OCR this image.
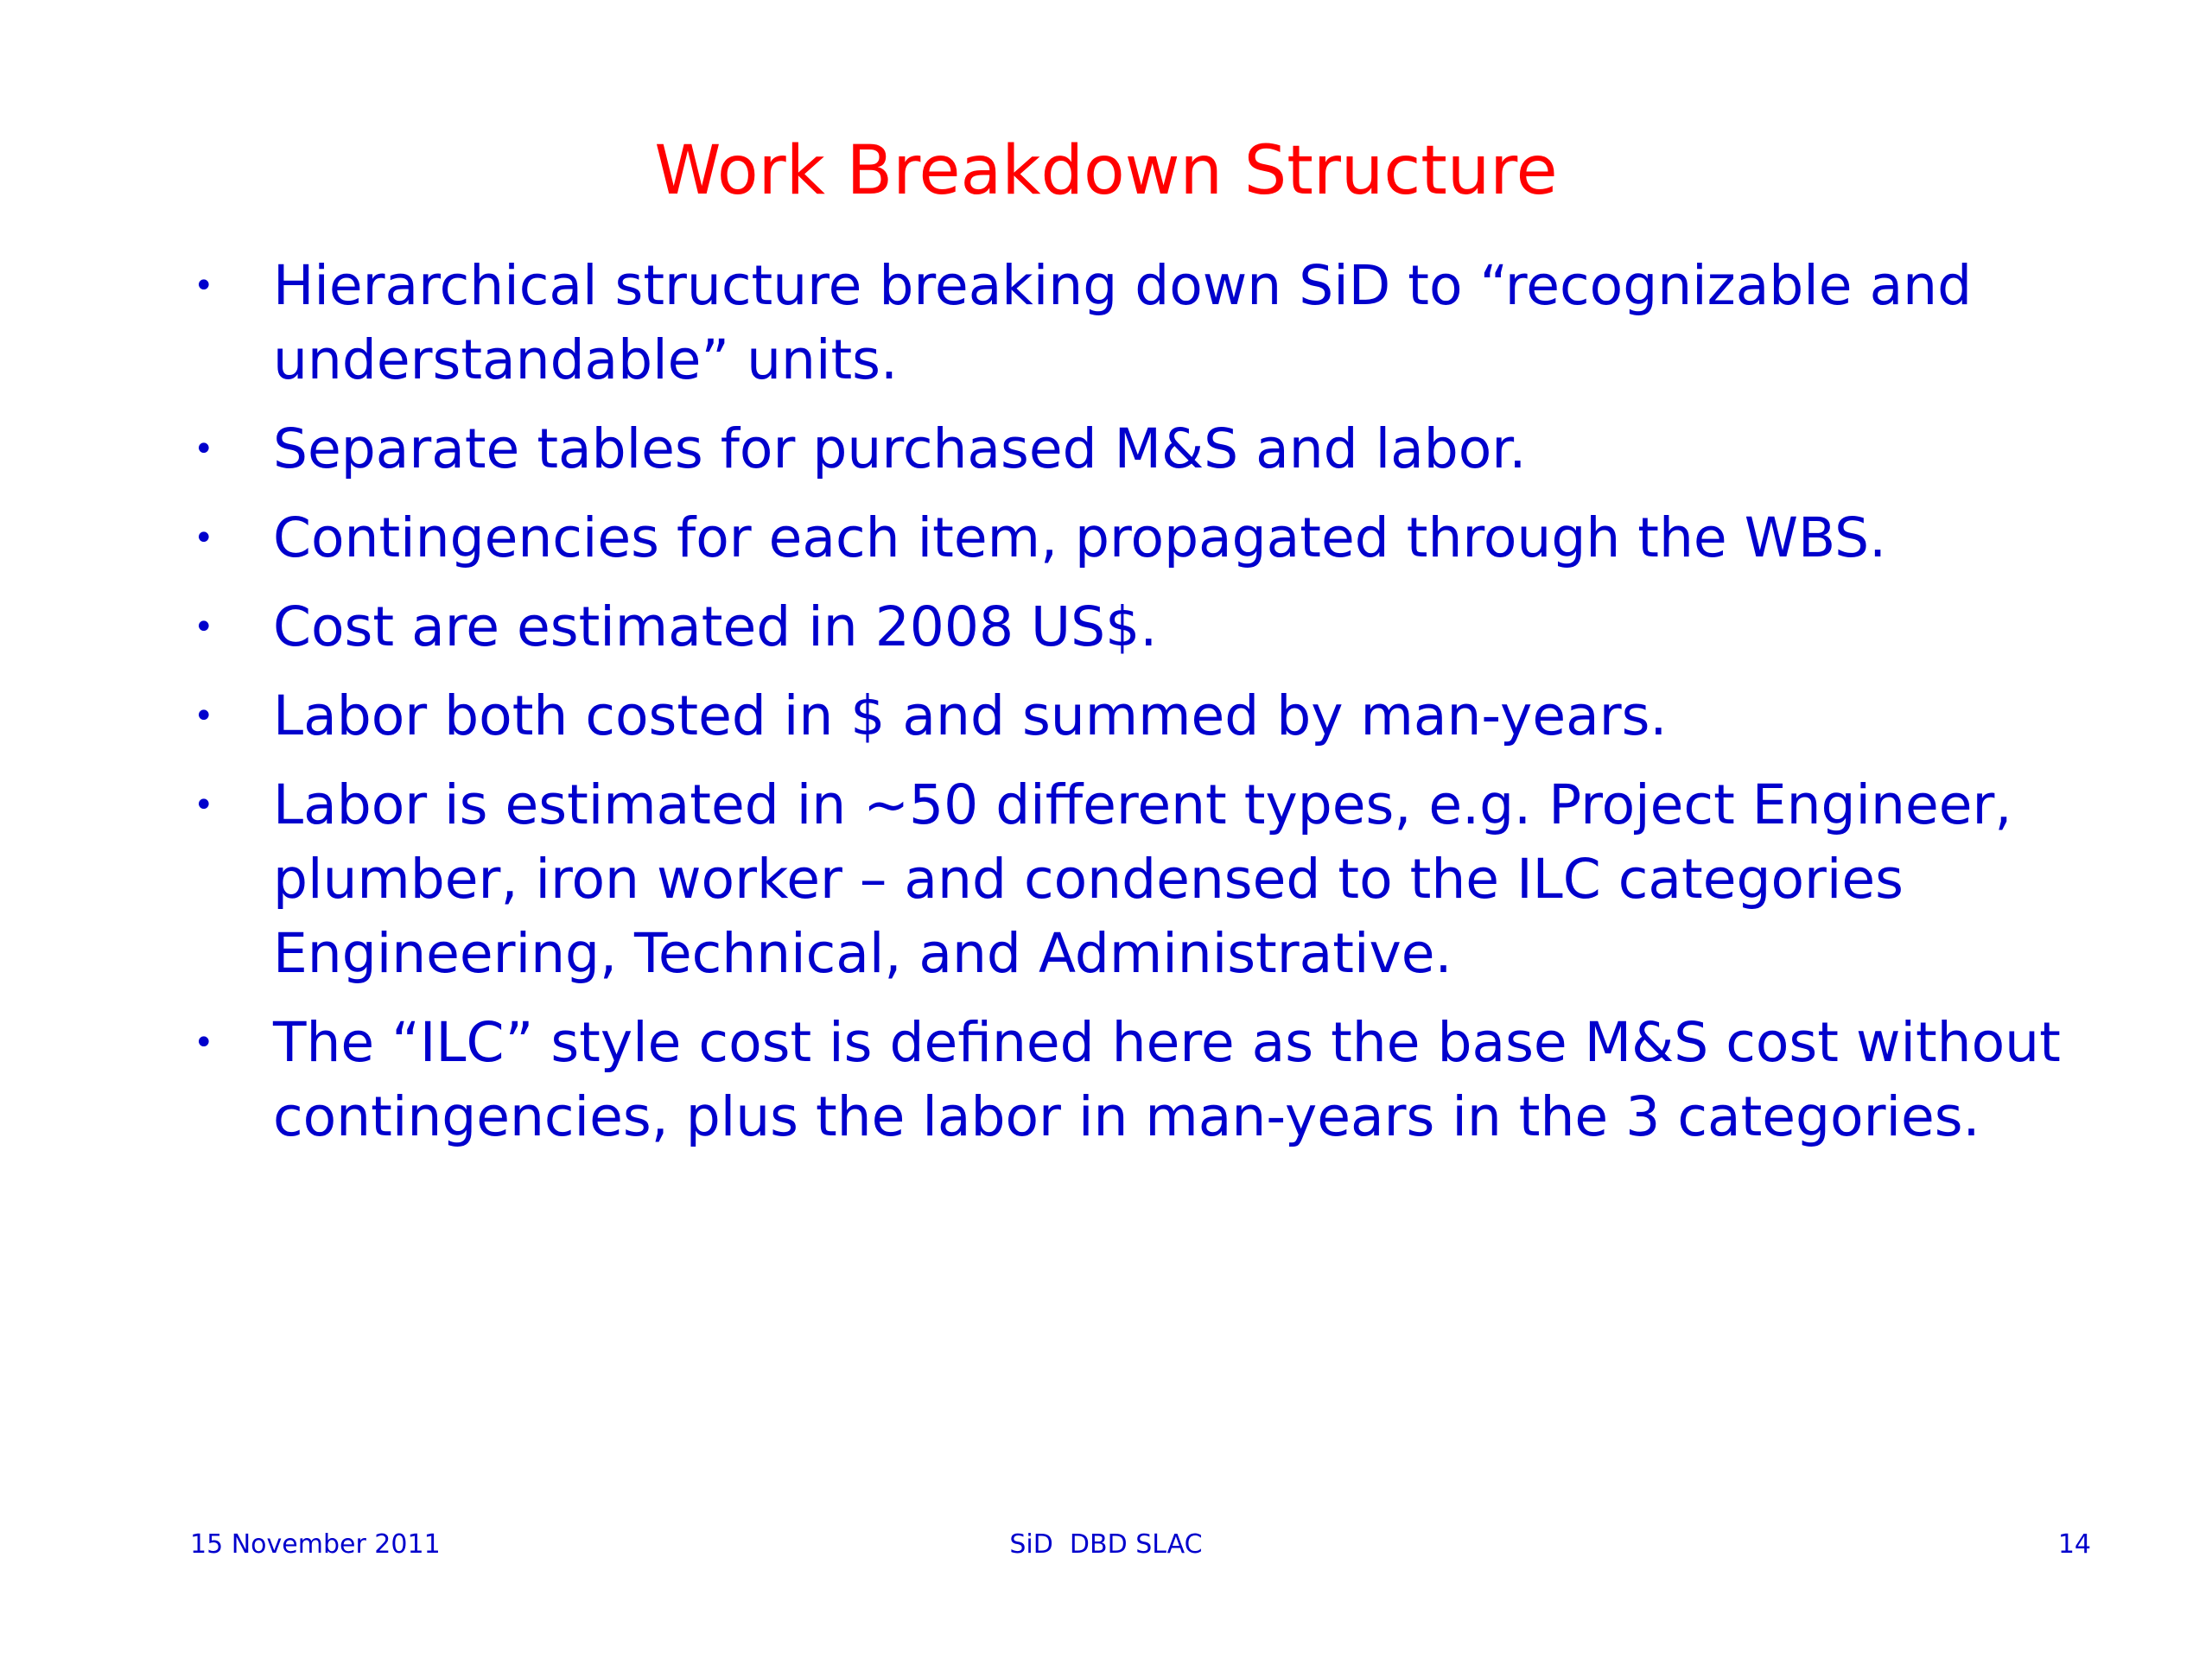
Work Breakdown Structure
• Hierarchical structure breaking down SiD to “recognizable and understandable” units.
• Separate tables for purchased M&S and labor.
• Contingencies for each item, propagated through the WBS.
• Cost are estimated in 2008 US$.
• Labor both costed in $ and summed by man-years.
• Labor is estimated in ~50 different types, e.g. Project Engineer, plumber, iron worker – and condensed to the ILC categories Engineering, Technical, and Administrative.
• The “ILC” style cost is defined here as the base M&S cost without contingencies, plus the labor in man-years in the 3 categories.
15 November 2011	SiD  DBD SLAC	14
